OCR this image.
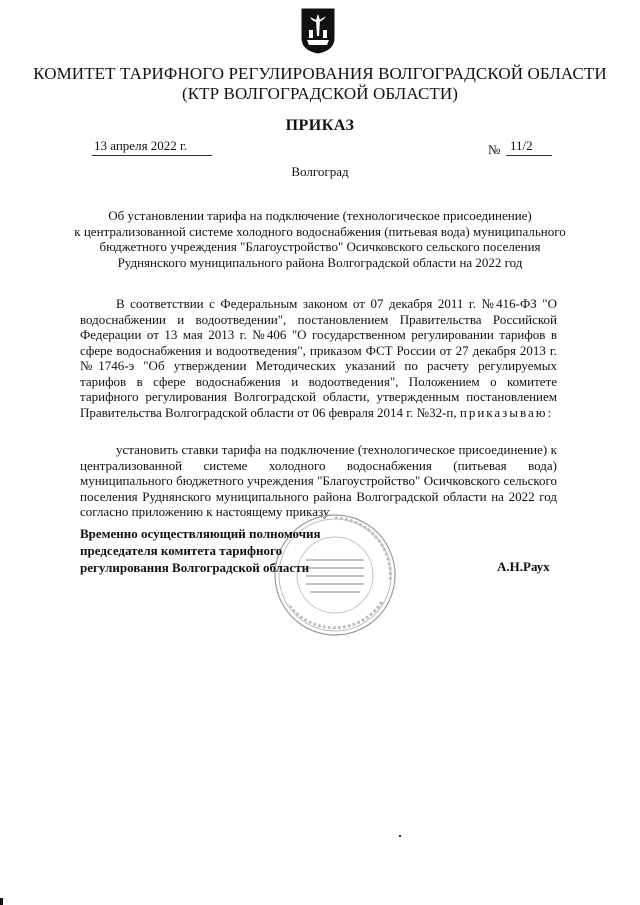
КОМИТЕТ ТАРИФНОГО РЕГУЛИРОВАНИЯ ВОЛГОГРАДСКОЙ ОБЛАСТИ
(КТР ВОЛГОГРАДСКОЙ ОБЛАСТИ)
ПРИКАЗ
13 апреля 2022 г.	№ 11/2
Волгоград
Об установлении тарифа на подключение (технологическое присоединение)
к централизованной системе холодного водоснабжения (питьевая вода) муниципального
бюджетного учреждения "Благоустройство" Осичковского сельского поселения
Руднянского муниципального района Волгоградской области на 2022 год
В соответствии с Федеральным законом от 07 декабря 2011 г. №416-ФЗ "О водоснабжении и водоотведении", постановлением Правительства Российской Федерации от 13 мая 2013 г. №406 "О государственном регулировании тарифов в сфере водоснабжения и водоотведения", приказом ФСТ России от 27 декабря 2013 г. №1746-э "Об утверждении Методических указаний по расчету регулируемых тарифов в сфере водоснабжения и водоотведения", Положением о комитете тарифного регулирования Волгоградской области, утвержденным постановлением Правительства Волгоградской области от 06 февраля 2014 г. №32-п, приказываю:
установить ставки тарифа на подключение (технологическое присоединение) к централизованной системе холодного водоснабжения (питьевая вода) муниципального бюджетного учреждения "Благоустройство" Осичковского сельского поселения Руднянского муниципального района Волгоградской области на 2022 год согласно приложению к настоящему приказу.
Временно осуществляющий полномочия
председателя комитета тарифного
регулирования Волгоградской области	А.Н.Раух
